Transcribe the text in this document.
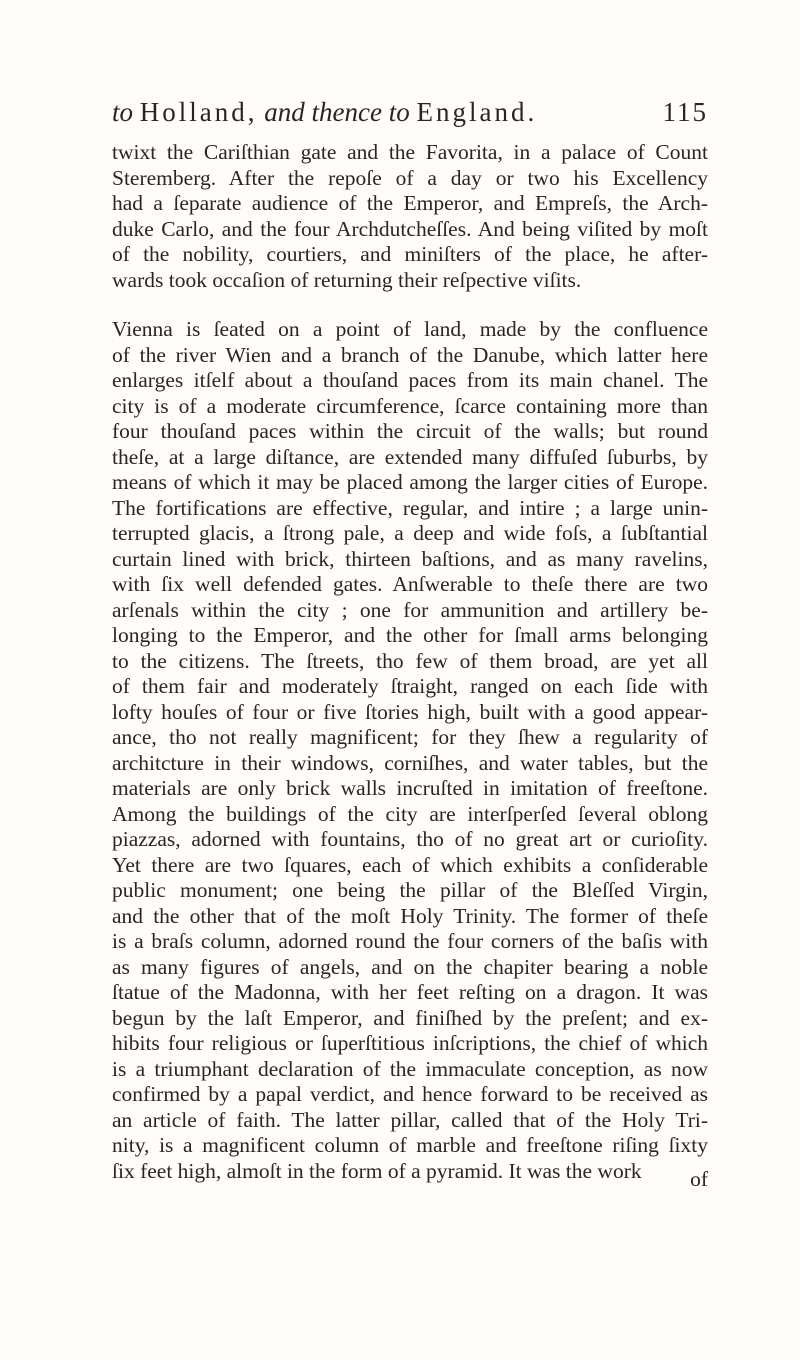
to Holland, and thence to England.	115
twixt the Cariſthian gate and the Favorita, in a palace of Count
Steremberg. After the repoſe of a day or two his Excellency
had a ſeparate audience of the Emperor, and Empreſs, the Arch-
duke Carlo, and the four Archdutcheſſes. And being viſited by moſt
of the nobility, courtiers, and miniſters of the place, he after-
wards took occaſion of returning their reſpective viſits.
Vienna is ſeated on a point of land, made by the confluence
of the river Wien and a branch of the Danube, which latter here
enlarges itſelf about a thouſand paces from its main chanel. The
city is of a moderate circumference, ſcarce containing more than
four thouſand paces within the circuit of the walls; but round
theſe, at a large diſtance, are extended many diffuſed ſuburbs, by
means of which it may be placed among the larger cities of Europe.
The fortifications are effective, regular, and intire ; a large unin-
terrupted glacis, a ſtrong pale, a deep and wide foſs, a ſubſtantial
curtain lined with brick, thirteen baſtions, and as many ravelins,
with ſix well defended gates. Anſwerable to theſe there are two
arſenals within the city ; one for ammunition and artillery be-
longing to the Emperor, and the other for ſmall arms belonging
to the citizens. The ſtreets, tho few of them broad, are yet all
of them fair and moderately ſtraight, ranged on each ſide with
lofty houſes of four or five ſtories high, built with a good appear-
ance, tho not really magnificent; for they ſhew a regularity of
architcture in their windows, corniſhes, and water tables, but the
materials are only brick walls incruſted in imitation of freeſtone.
Among the buildings of the city are interſperſed ſeveral oblong
piazzas, adorned with fountains, tho of no great art or curioſity.
Yet there are two ſquares, each of which exhibits a conſiderable
public monument; one being the pillar of the Bleſſed Virgin,
and the other that of the moſt Holy Trinity. The former of theſe
is a braſs column, adorned round the four corners of the baſis with
as many figures of angels, and on the chapiter bearing a noble
ſtatue of the Madonna, with her feet reſting on a dragon. It was
begun by the laſt Emperor, and finiſhed by the preſent; and ex-
hibits four religious or ſuperſtitious inſcriptions, the chief of which
is a triumphant declaration of the immaculate conception, as now
confirmed by a papal verdict, and hence forward to be received as
an article of faith. The latter pillar, called that of the Holy Tri-
nity, is a magnificent column of marble and freeſtone riſing ſixty
ſix feet high, almoſt in the form of a pyramid. It was the work	of
